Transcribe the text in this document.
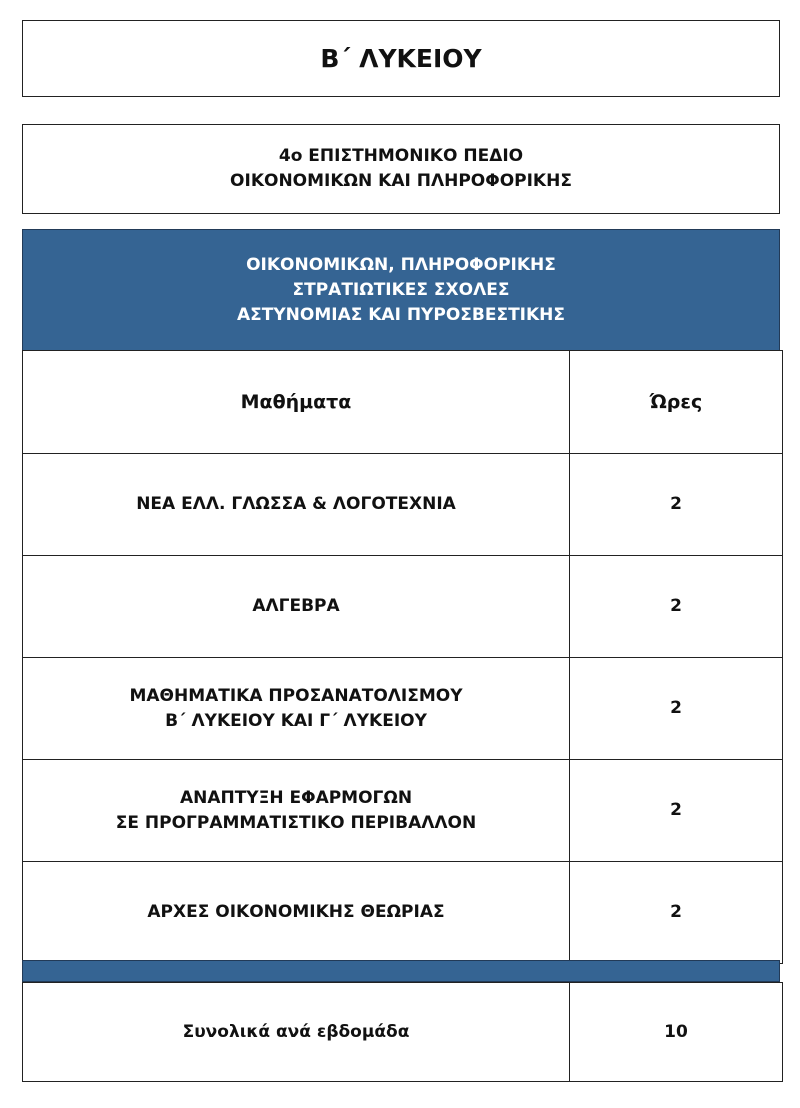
Β΄ ΛΥΚΕΙΟΥ
4ο ΕΠΙΣΤΗΜΟΝΙΚΟ ΠΕΔΙΟ
ΟΙΚΟΝΟΜΙΚΩΝ ΚΑΙ ΠΛΗΡΟΦΟΡΙΚΗΣ
ΟΙΚΟΝΟΜΙΚΩΝ, ΠΛΗΡΟΦΟΡΙΚΗΣ
ΣΤΡΑΤΙΩΤΙΚΕΣ ΣΧΟΛΕΣ
ΑΣΤΥΝΟΜΙΑΣ ΚΑΙ ΠΥΡΟΣΒΕΣΤΙΚΗΣ
Μαθήματα	Ώρες

ΝΕΑ ΕΛΛ. ΓΛΩΣΣΑ & ΛΟΓΟΤΕΧΝΙΑ	2

ΑΛΓΕΒΡΑ	2

ΜΑΘΗΜΑΤΙΚΑ ΠΡΟΣΑΝΑΤΟΛΙΣΜΟΥ
Β΄ ΛΥΚΕΙΟΥ ΚΑΙ Γ΄ ΛΥΚΕΙΟΥ	2

ΑΝΑΠΤΥΞΗ ΕΦΑΡΜΟΓΩΝ
ΣΕ ΠΡΟΓΡΑΜΜΑΤΙΣΤΙΚΟ ΠΕΡΙΒΑΛΛΟΝ	2

ΑΡΧΕΣ ΟΙΚΟΝΟΜΙΚΗΣ ΘΕΩΡΙΑΣ	2
Συνολικά ανά εβδομάδα	10
